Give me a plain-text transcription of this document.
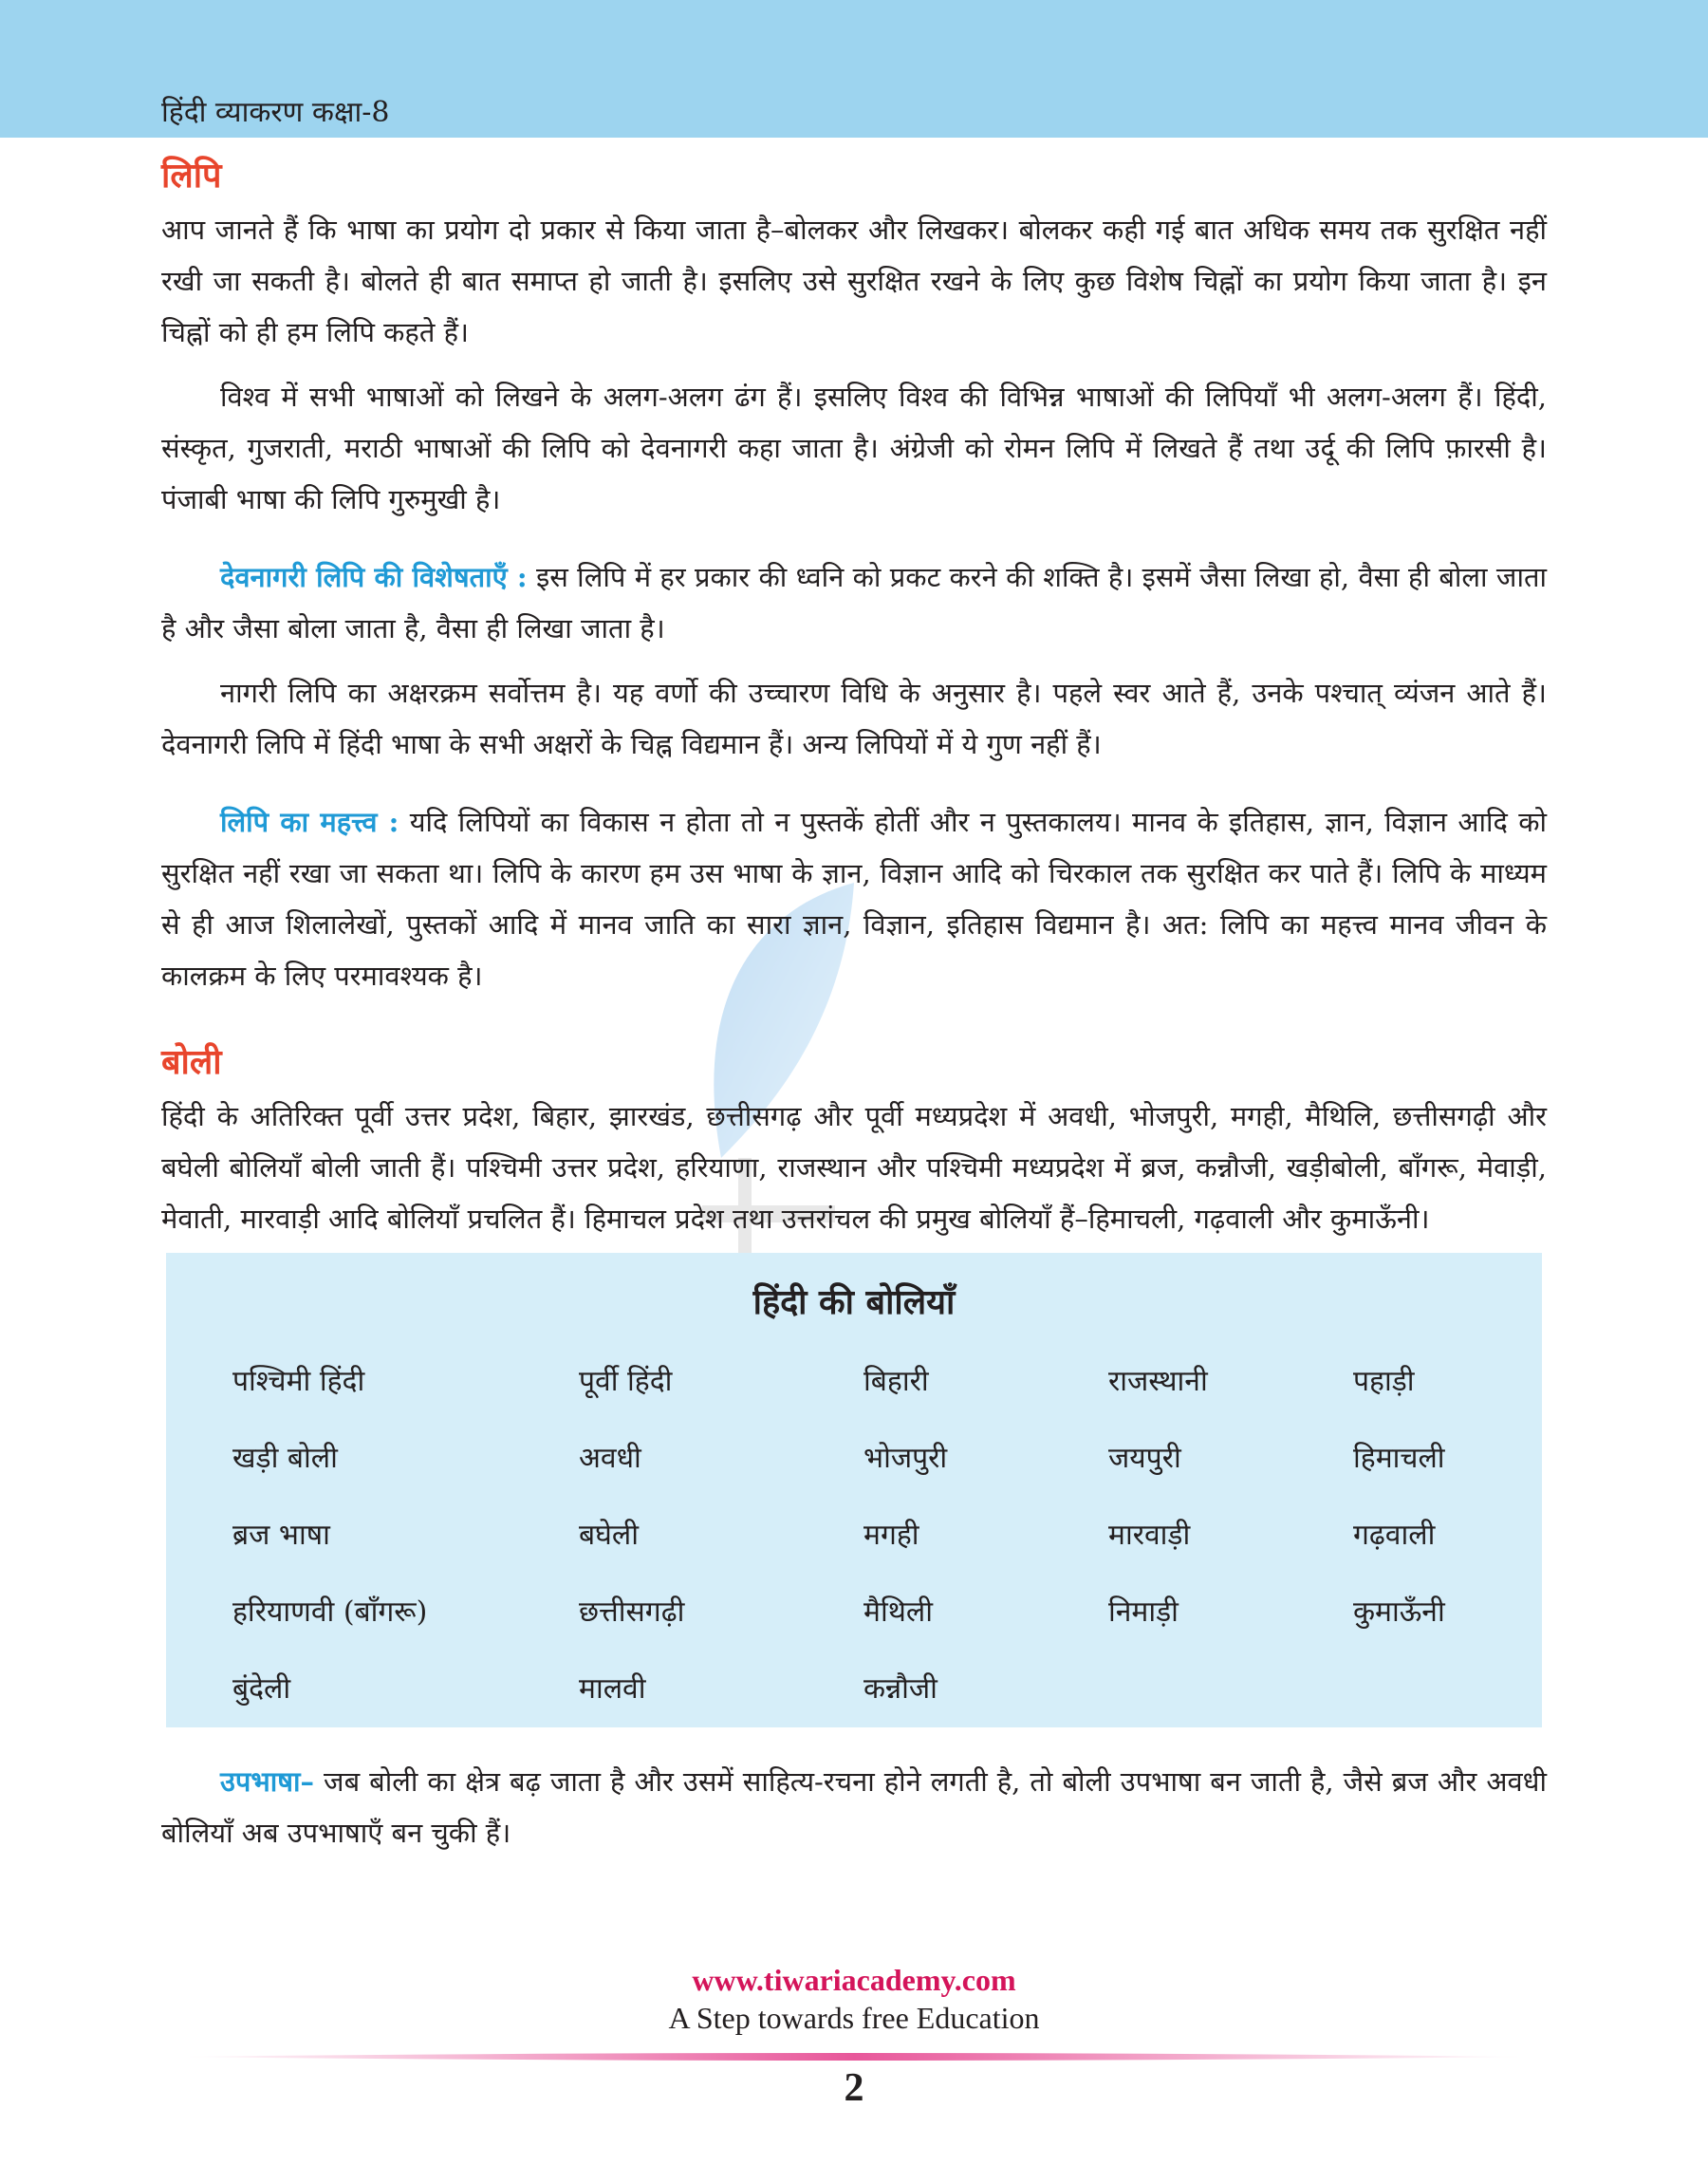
हिंदी व्याकरण कक्षा-8
लिपि

आप जानते हैं कि भाषा का प्रयोग दो प्रकार से किया जाता है–बोलकर और लिखकर। बोलकर कही गई बात अधिक समय तक सुरक्षित नहीं रखी जा सकती है। बोलते ही बात समाप्त हो जाती है। इसलिए उसे सुरक्षित रखने के लिए कुछ विशेष चिह्नों का प्रयोग किया जाता है। इन चिह्नों को ही हम लिपि कहते हैं।

विश्व में सभी भाषाओं को लिखने के अलग-अलग ढंग हैं। इसलिए विश्व की विभिन्न भाषाओं की लिपियाँ भी अलग-अलग हैं। हिंदी, संस्कृत, गुजराती, मराठी भाषाओं की लिपि को देवनागरी कहा जाता है। अंग्रेजी को रोमन लिपि में लिखते हैं तथा उर्दू की लिपि फ़ारसी है। पंजाबी भाषा की लिपि गुरुमुखी है।

देवनागरी लिपि की विशेषताएँ : इस लिपि में हर प्रकार की ध्वनि को प्रकट करने की शक्ति है। इसमें जैसा लिखा हो, वैसा ही बोला जाता है और जैसा बोला जाता है, वैसा ही लिखा जाता है।

नागरी लिपि का अक्षरक्रम सर्वोत्तम है। यह वर्णो की उच्चारण विधि के अनुसार है। पहले स्वर आते हैं, उनके पश्चात् व्यंजन आते हैं। देवनागरी लिपि में हिंदी भाषा के सभी अक्षरों के चिह्न विद्यमान हैं। अन्य लिपियों में ये गुण नहीं हैं।

लिपि का महत्त्व : यदि लिपियों का विकास न होता तो न पुस्तकें होतीं और न पुस्तकालय। मानव के इतिहास, ज्ञान, विज्ञान आदि को सुरक्षित नहीं रखा जा सकता था। लिपि के कारण हम उस भाषा के ज्ञान, विज्ञान आदि को चिरकाल तक सुरक्षित कर पाते हैं। लिपि के माध्यम से ही आज शिलालेखों, पुस्तकों आदि में मानव जाति का सारा ज्ञान, विज्ञान, इतिहास विद्यमान है। अत: लिपि का महत्त्व मानव जीवन के कालक्रम के लिए परमावश्यक है।

बोली

हिंदी के अतिरिक्त पूर्वी उत्तर प्रदेश, बिहार, झारखंड, छत्तीसगढ़ और पूर्वी मध्यप्रदेश में अवधी, भोजपुरी, मगही, मैथिलि, छत्तीसगढ़ी और बघेली बोलियाँ बोली जाती हैं। पश्चिमी उत्तर प्रदेश, हरियाणा, राजस्थान और पश्चिमी मध्यप्रदेश में ब्रज, कन्नौजी, खड़ीबोली, बाँगरू, मेवाड़ी, मेवाती, मारवाड़ी आदि बोलियाँ प्रचलित हैं। हिमाचल प्रदेश तथा उत्तरांचल की प्रमुख बोलियाँ हैं–हिमाचली, गढ़वाली और कुमाऊँनी।

हिंदी की बोलियाँ
पश्चिमी हिंदी	पूर्वी हिंदी	बिहारी	राजस्थानी	पहाड़ी
खड़ी बोली	अवधी	भोजपुरी	जयपुरी	हिमाचली
ब्रज भाषा	बघेली	मगही	मारवाड़ी	गढ़वाली
हरियाणवी (बाँगरू)	छत्तीसगढ़ी	मैथिली	निमाड़ी	कुमाऊँनी
बुंदेली	मालवी	कन्नौजी

उपभाषा– जब बोली का क्षेत्र बढ़ जाता है और उसमें साहित्य-रचना होने लगती है, तो बोली उपभाषा बन जाती है, जैसे ब्रज और अवधी बोलियाँ अब उपभाषाएँ बन चुकी हैं।

www.tiwariacademy.com
A Step towards free Education
2
